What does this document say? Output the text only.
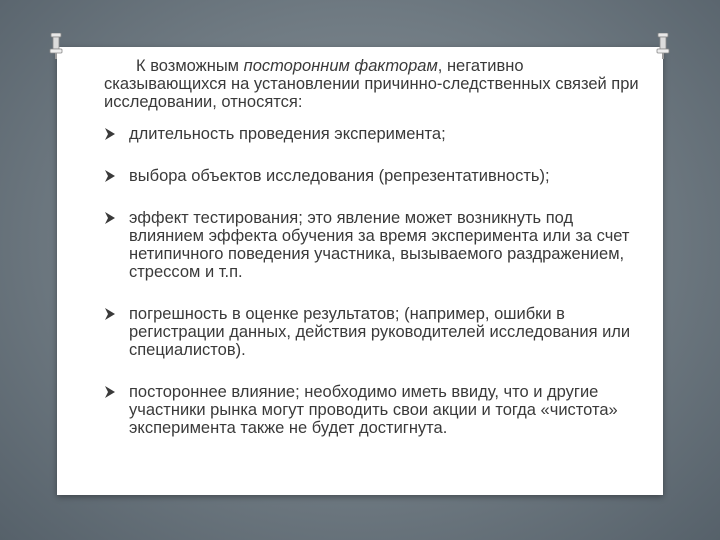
К возможным посторонним факторам, негативно сказывающихся на установлении причинно-следственных связей при исследовании, относятся:

длительность проведения эксперимента;
выбора объектов исследования (репрезентативность);
эффект тестирования; это явление может возникнуть под влиянием эффекта обучения за время эксперимента или за счет нетипичного поведения участника, вызываемого раздражением, стрессом и т.п.
погрешность в оценке результатов; (например, ошибки в регистрации данных, действия руководителей исследования или специалистов).
постороннее влияние; необходимо иметь ввиду, что и другие участники рынка могут проводить свои акции и тогда «чистота» эксперимента также не будет достигнута.
